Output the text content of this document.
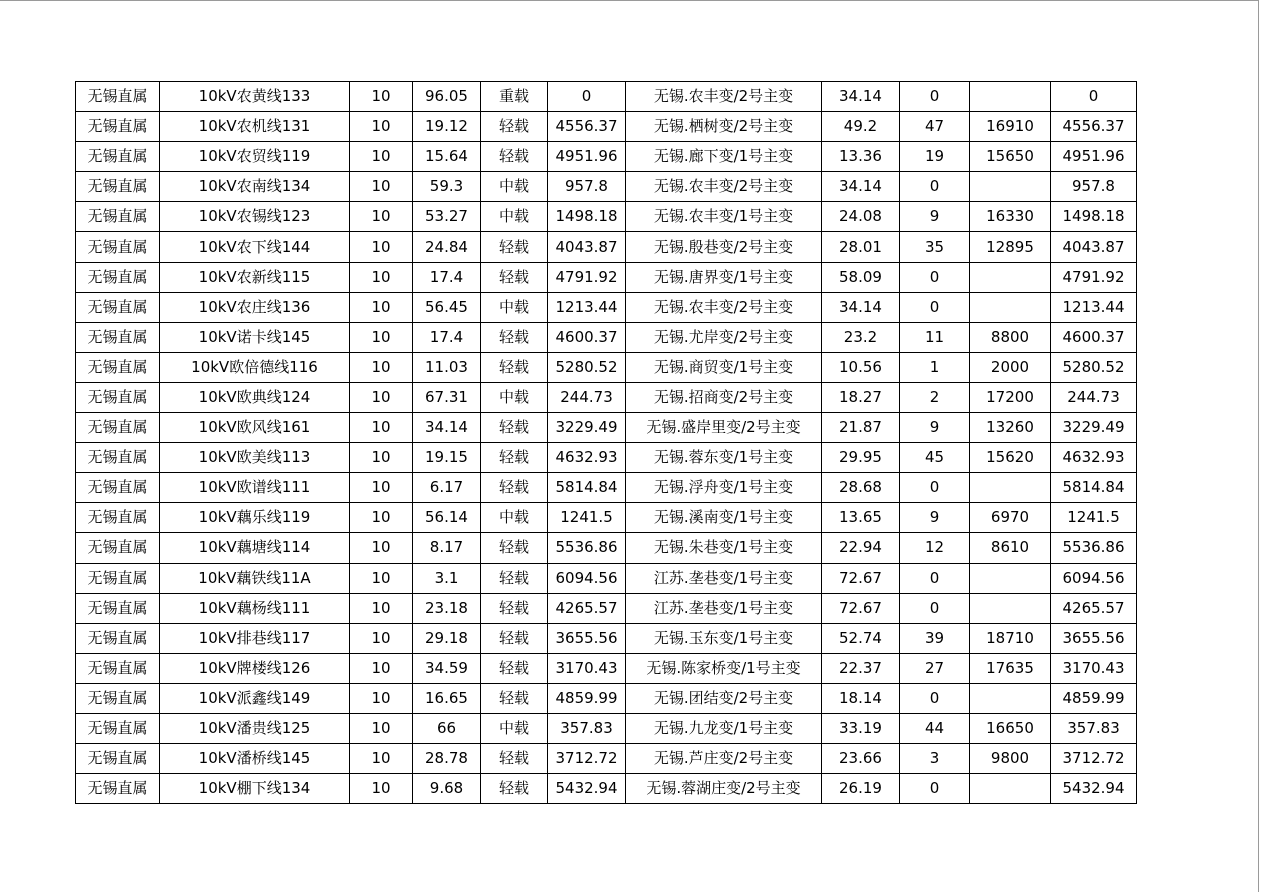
无锡直属	10kV农黄线133	10	96.05	重载	0	无锡.农丰变/2号主变	34.14	0		0
无锡直属	10kV农机线131	10	19.12	轻载	4556.37	无锡.栖树变/2号主变	49.2	47	16910	4556.37
无锡直属	10kV农贸线119	10	15.64	轻载	4951.96	无锡.廊下变/1号主变	13.36	19	15650	4951.96
无锡直属	10kV农南线134	10	59.3	中载	957.8	无锡.农丰变/2号主变	34.14	0		957.8
无锡直属	10kV农锡线123	10	53.27	中载	1498.18	无锡.农丰变/1号主变	24.08	9	16330	1498.18
无锡直属	10kV农下线144	10	24.84	轻载	4043.87	无锡.殷巷变/2号主变	28.01	35	12895	4043.87
无锡直属	10kV农新线115	10	17.4	轻载	4791.92	无锡.唐界变/1号主变	58.09	0		4791.92
无锡直属	10kV农庄线136	10	56.45	中载	1213.44	无锡.农丰变/2号主变	34.14	0		1213.44
无锡直属	10kV诺卡线145	10	17.4	轻载	4600.37	无锡.尤岸变/2号主变	23.2	11	8800	4600.37
无锡直属	10kV欧倍德线116	10	11.03	轻载	5280.52	无锡.商贸变/1号主变	10.56	1	2000	5280.52
无锡直属	10kV欧典线124	10	67.31	中载	244.73	无锡.招商变/2号主变	18.27	2	17200	244.73
无锡直属	10kV欧风线161	10	34.14	轻载	3229.49	无锡.盛岸里变/2号主变	21.87	9	13260	3229.49
无锡直属	10kV欧美线113	10	19.15	轻载	4632.93	无锡.蓉东变/1号主变	29.95	45	15620	4632.93
无锡直属	10kV欧谱线111	10	6.17	轻载	5814.84	无锡.浮舟变/1号主变	28.68	0		5814.84
无锡直属	10kV藕乐线119	10	56.14	中载	1241.5	无锡.溪南变/1号主变	13.65	9	6970	1241.5
无锡直属	10kV藕塘线114	10	8.17	轻载	5536.86	无锡.朱巷变/1号主变	22.94	12	8610	5536.86
无锡直属	10kV藕铁线11A	10	3.1	轻载	6094.56	江苏.垄巷变/1号主变	72.67	0		6094.56
无锡直属	10kV藕杨线111	10	23.18	轻载	4265.57	江苏.垄巷变/1号主变	72.67	0		4265.57
无锡直属	10kV排巷线117	10	29.18	轻载	3655.56	无锡.玉东变/1号主变	52.74	39	18710	3655.56
无锡直属	10kV牌楼线126	10	34.59	轻载	3170.43	无锡.陈家桥变/1号主变	22.37	27	17635	3170.43
无锡直属	10kV派鑫线149	10	16.65	轻载	4859.99	无锡.团结变/2号主变	18.14	0		4859.99
无锡直属	10kV潘贵线125	10	66	中载	357.83	无锡.九龙变/1号主变	33.19	44	16650	357.83
无锡直属	10kV潘桥线145	10	28.78	轻载	3712.72	无锡.芦庄变/2号主变	23.66	3	9800	3712.72
无锡直属	10kV棚下线134	10	9.68	轻载	5432.94	无锡.蓉湖庄变/2号主变	26.19	0		5432.94
